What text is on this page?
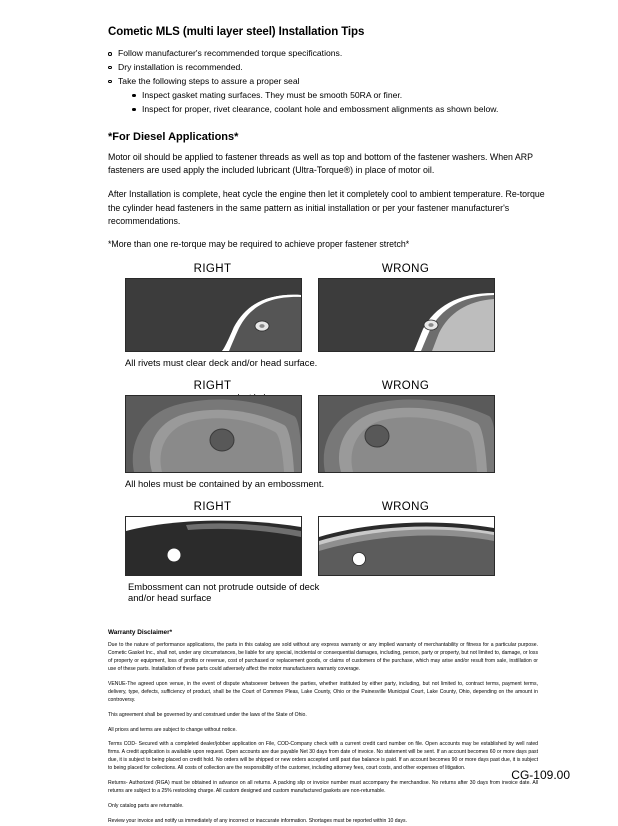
Cometic MLS (multi layer steel) Installation Tips
Follow manufacturer's recommended torque specifications.
Dry installation is recommended.
Take the following steps to assure a proper seal
Inspect gasket mating surfaces. They must be smooth 50RA or finer.
Inspect for proper, rivet clearance, coolant hole and embossment alignments as shown below.
*For Diesel Applications*

Motor oil should be applied to fastener threads as well as top and bottom of the fastener washers. When ARP fasteners are used apply the included lubricant (Ultra-Torque®) in place of motor oil.

After Installation is complete, heat cycle the engine then let it completely cool to ambient temperature. Re-torque the cylinder head fasteners in the same pattern as initial installation or per your fastener manufacturer's recommendations.

*More than one re-torque may be required to achieve proper fastener stretch*

RIGHT	WRONG
All rivets must clear deck and/or head surface.
RIGHT	WRONG
All holes must be contained by an embossment.
RIGHT	WRONG
Embossment can not protrude outside of deck
and/or head surface
Warranty Disclaimer*

Due to the nature of performance applications, the parts in this catalog are sold without any express warranty or any implied warranty of merchantability or fitness for a particular purpose. Cometic Gasket Inc., shall not, under any circumstances, be liable for any special, incidental or consequential damages, including, person, party or property, but not limited to, damage, or loss of property or equipment, loss of profits or revenue, cost of purchased or replacement goods, or claims of customers of the purchase, which may arise and/or result from sale, instillation or use of these parts. Installation of these parts could adversely affect the motor manufacturers warranty coverage.

VENUE-The agreed upon venue, in the event of dispute whatsoever between the parties, whether instituted by either party, including, but not limited to, contract terms, payment terms, delivery, type, defects, sufficiency of product, shall be the Court of Common Pleas, Lake County, Ohio or the Painesville Municipal Court, Lake County, Ohio, depending on the amount in controversy.

This agreement shall be governed by and construed under the laws of the State of Ohio.

All prices and terms are subject to change without notice.

Terms COD- Secured with a completed dealer/jobber application on File, COD-Company check with a current credit card number on file. Open accounts may be established by well rated firms. A credit application is available upon request. Open accounts are due payable Net 30 days from date of invoice. No statement will be sent. If an account becomes 60 or more days past due, it is subject to being placed on credit hold. No orders will be shipped or new orders accepted until past due balance is paid. If an account becomes 90 or more days past due, it is subject to being placed for collections. All costs of collection are the responsibility of the customer, including attorney fees, court costs, and other expenses of litigation.

Returns- Authorized (RGA) must be obtained in advance on all returns. A packing slip or invoice number must accompany the merchandise. No returns after 30 days from invoice date. All returns are subject to a 25% restocking charge. All custom designed and custom manufactured gaskets are non-returnable.

Only catalog parts are returnable.

Review your invoice and notify us immediately of any incorrect or inaccurate information. Shortages must be reported within 10 days.

CG-109.00
